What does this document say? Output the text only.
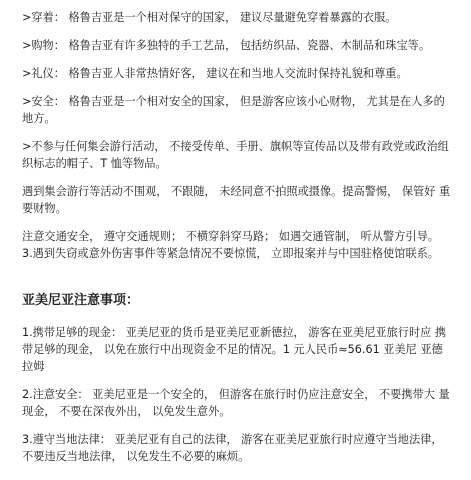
>穿着： 格鲁吉亚是一个相对保守的国家， 建议尽量避免穿着暴露的衣服。

>购物： 格鲁吉亚有许多独特的手工艺品， 包括纺织品、瓷器、木制品和珠宝等。

>礼仪： 格鲁吉亚人非常热情好客， 建议在和当地人交流时保持礼貌和尊重。

>安全： 格鲁吉亚是一个相对安全的国家， 但是游客应该小心财物， 尤其是在人多的地方。

>不参与任何集会游行活动， 不接受传单、手册、旗帜等宣传品以及带有政党或政治组织标志的帽子、T 恤等物品。

遇到集会游行等活动不围观， 不跟随， 未经同意不拍照或摄像。提高警惕， 保管好 重要财物。

注意交通安全， 遵守交通规则； 不横穿斜穿马路； 如遇交通管制， 听从警方引导。
3.遇到失窃或意外伤害事件等紧急情况不要惊慌， 立即报案并与中国驻格使馆联系。

亚美尼亚注意事项：

1.携带足够的现金： 亚美尼亚的货币是亚美尼亚新德拉， 游客在亚美尼亚旅行时应 携带足够的现金， 以免在旅行中出现资金不足的情况。1 元人民币≈56.61 亚美尼 亚德拉姆

2.注意安全： 亚美尼亚是一个安全的， 但游客在旅行时仍应注意安全， 不要携带大 量现金， 不要在深夜外出， 以免发生意外。

3.遵守当地法律： 亚美尼亚有自己的法律， 游客在亚美尼亚旅行时应遵守当地法律， 不要违反当地法律， 以免发生不必要的麻烦。
